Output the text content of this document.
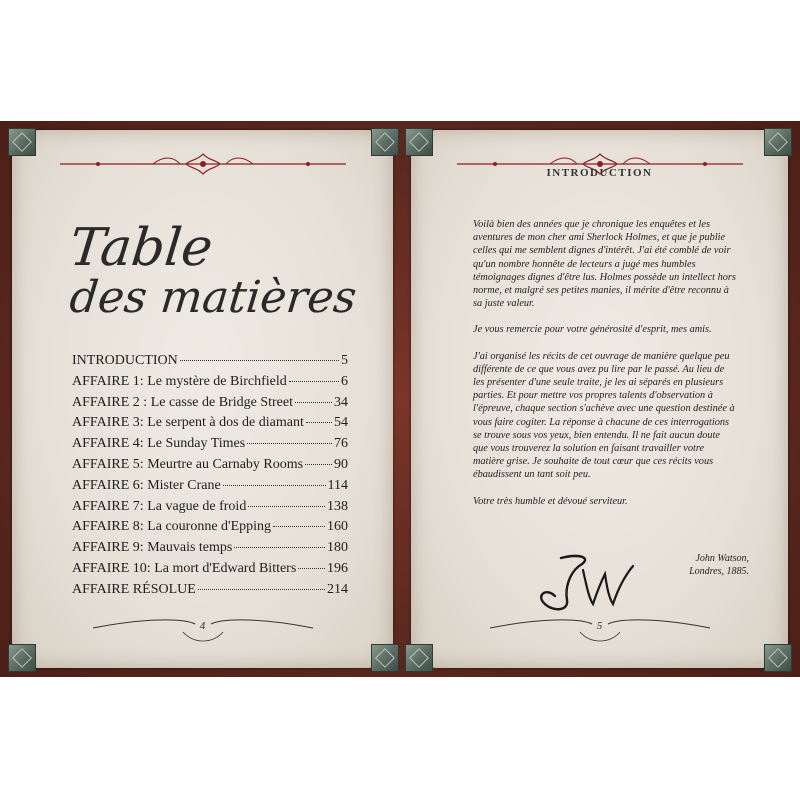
Table
des matières
INTRODUCTION	5
AFFAIRE 1: Le mystère de Birchfield	6
AFFAIRE 2 : Le casse de Bridge Street	34
AFFAIRE 3: Le serpent à dos de diamant 54
AFFAIRE 4: Le Sunday Times	76
AFFAIRE 5: Meurtre au Carnaby Rooms 90
AFFAIRE 6: Mister Crane	114
AFFAIRE 7: La vague de froid	138
AFFAIRE 8: La couronne d'Epping	160
AFFAIRE 9: Mauvais temps	180
AFFAIRE 10: La mort d'Edward Bitters 196
AFFAIRE RÉSOLUE	214
4
INTRODUCTION

Voilà bien des années que je chronique les enquêtes et les aventures de mon cher ami Sherlock Holmes, et que je publie celles qui me semblent dignes d'intérêt. J'ai été comblé de voir qu'un nombre honnête de lecteurs a jugé mes humbles témoignages dignes d'être lus. Holmes possède un intellect hors norme, et malgré ses petites manies, il mérite d'être reconnu à sa juste valeur.

Je vous remercie pour votre générosité d'esprit, mes amis.

J'ai organisé les récits de cet ouvrage de manière quelque peu différente de ce que vous avez pu lire par le passé. Au lieu de les présenter d'une seule traite, je les ai séparés en plusieurs parties. Et pour mettre vos propres talents d'observation à l'épreuve, chaque section s'achève avec une question destinée à vous faire cogiter. La réponse à chacune de ces interrogations se trouve sous vos yeux, bien entendu. Il ne fait aucun doute que vous trouverez la solution en faisant travailler votre matière grise. Je souhaite de tout cœur que ces récits vous ébaudissent un tant soit peu.

Votre très humble et dévoué serviteur.

John Watson,
Londres, 1885.
5
